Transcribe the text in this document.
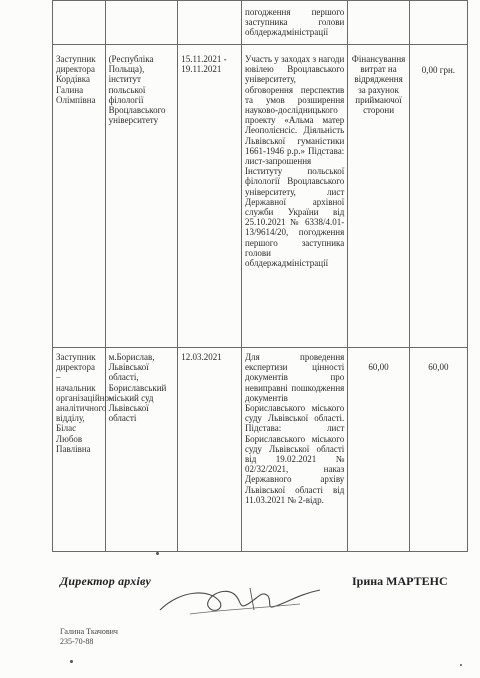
			погодження першого заступника голови облдержадміністрації		
Заступник директора Кордівка Галина Олімпівна	(Республіка Польща), інститут польської філології Вроцлавського університету	15.11.2021 - 19.11.2021	Участь у заходах з нагоди ювілею Вроцлавського університету, обговорення перспектив та умов розширення науково-дослідницького проекту «Альма матер Леополієнсіс. Діяльність Львівської гуманістики 1661-1946 р.р.» Підстава: лист-запрошення Інституту польської філології Вроцлавського університету, лист Державної архівної служби України від 25.10.2021 № 6338/4.01-13/9614/20, погодження першого заступника голови облдержадміністрації	Фінансування витрат на відрядження за рахунок приймаючої сторони	0,00 грн.
Заступник директора – начальник організаційно-аналітичного відділу, Білас Любов Павлівна	м.Борислав, Львівської області, Бориславський міський суд Львівської області	12.03.2021	Для проведення експертизи цінності документів про невиправні пошкодження документів Бориславського міського суду Львівської області. Підстава: лист Бориславського міського суду Львівської області від 19.02.2021 № 02/32/2021, наказ Державного архіву Львівської області від 11.03.2021 № 2-відр.	60,00	60,00
Директор архіву	Ірина МАРТЕНС
Галина Ткачович
235-70-88
